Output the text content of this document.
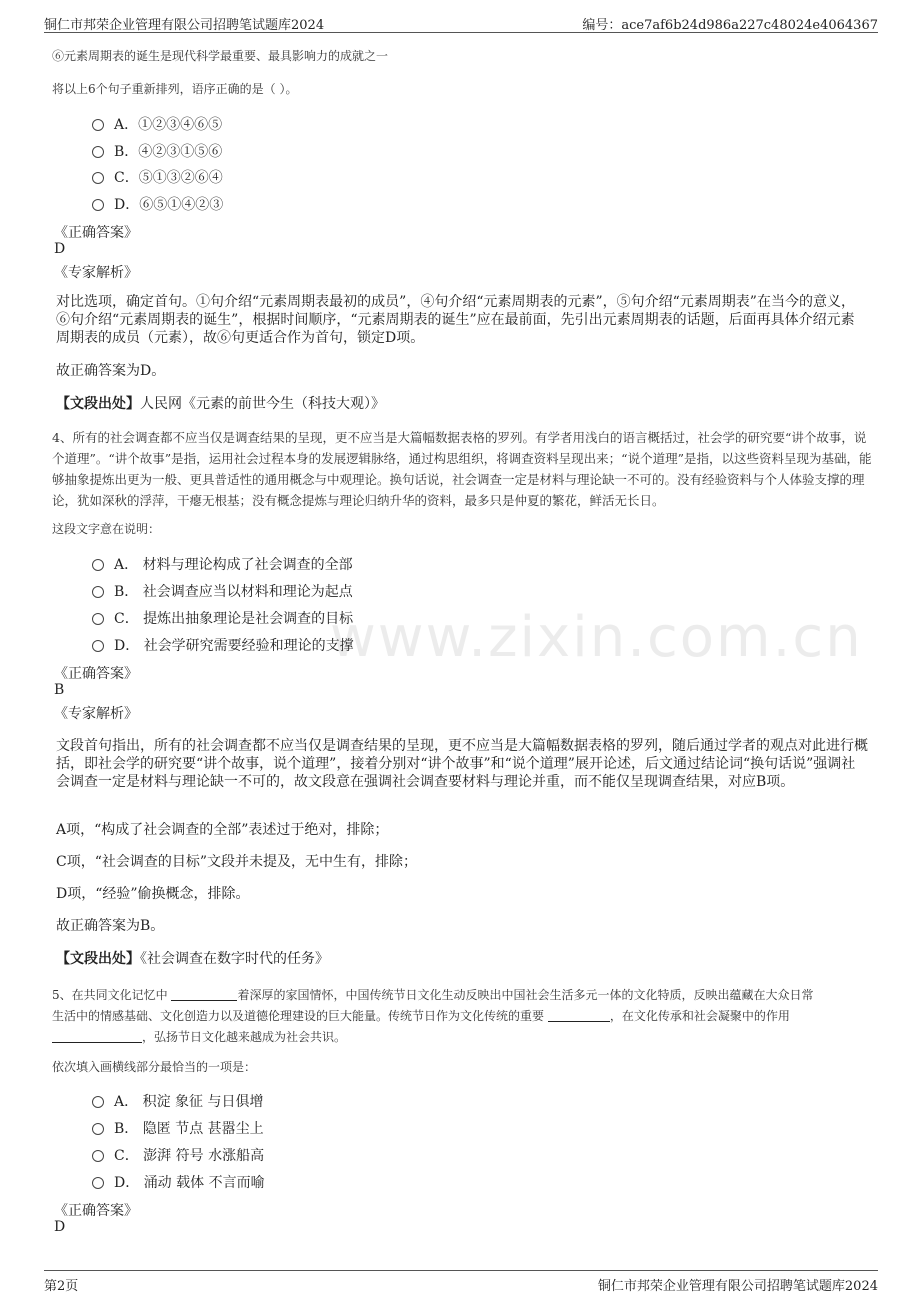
铜仁市邦荣企业管理有限公司招聘笔试题库2024	编号：ace7af6b24d986a227c48024e4064367
www.zixin.com.cn
⑥元素周期表的诞生是现代科学最重要、最具影响力的成就之一
将以上6个句子重新排列，语序正确的是（ ）。
A．①②③④⑥⑤
B．④②③①⑤⑥
C．⑤①③②⑥④
D．⑥⑤①④②③
《正确答案》
D
《专家解析》
对比选项，确定首句。①句介绍“元素周期表最初的成员”，④句介绍“元素周期表的元素”，⑤句介绍“元素周期表”在当今的意义，⑥句介绍“元素周期表的诞生”，根据时间顺序，“元素周期表的诞生”应在最前面，先引出元素周期表的话题，后面再具体介绍元素周期表的成员（元素），故⑥句更适合作为首句，锁定D项。
故正确答案为D。
【文段出处】人民网《元素的前世今生（科技大观）》
4、所有的社会调查都不应当仅是调查结果的呈现，更不应当是大篇幅数据表格的罗列。有学者用浅白的语言概括过，社会学的研究要“讲个故事，说个道理”。“讲个故事”是指，运用社会过程本身的发展逻辑脉络，通过构思组织，将调查资料呈现出来；“说个道理”是指，以这些资料呈现为基础，能够抽象提炼出更为一般、更具普适性的通用概念与中观理论。换句话说，社会调查一定是材料与理论缺一不可的。没有经验资料与个人体验支撑的理论，犹如深秋的浮萍，干瘪无根基；没有概念提炼与理论归纳升华的资料，最多只是仲夏的繁花，鲜活无长日。
这段文字意在说明：
A． 材料与理论构成了社会调查的全部
B． 社会调查应当以材料和理论为起点
C． 提炼出抽象理论是社会调查的目标
D． 社会学研究需要经验和理论的支撑
《正确答案》
B
《专家解析》
文段首句指出，所有的社会调查都不应当仅是调查结果的呈现，更不应当是大篇幅数据表格的罗列，随后通过学者的观点对此进行概括，即社会学的研究要“讲个故事，说个道理”，接着分别对“讲个故事”和“说个道理”展开论述，后文通过结论词“换句话说”强调社会调查一定是材料与理论缺一不可的，故文段意在强调社会调查要材料与理论并重，而不能仅呈现调查结果，对应B项。
A项，“构成了社会调查的全部”表述过于绝对，排除；
C项，“社会调查的目标”文段并未提及，无中生有，排除；
D项，“经验”偷换概念，排除。
故正确答案为B。
【文段出处】《社会调查在数字时代的任务》
5、在共同文化记忆中	着深厚的家国情怀，中国传统节日文化生动反映出中国社会生活多元一体的文化特质，反映出蕴藏在大众日常
生活中的情感基础、文化创造力以及道德伦理建设的巨大能量。传统节日作为文化传统的重要	，在文化传承和社会凝聚中的作用
，弘扬节日文化越来越成为社会共识。
依次填入画横线部分最恰当的一项是：
A． 积淀 象征 与日俱增
B． 隐匿 节点 甚嚣尘上
C． 澎湃 符号 水涨船高
D． 涌动 载体 不言而喻
《正确答案》
D
第2页	铜仁市邦荣企业管理有限公司招聘笔试题库2024
